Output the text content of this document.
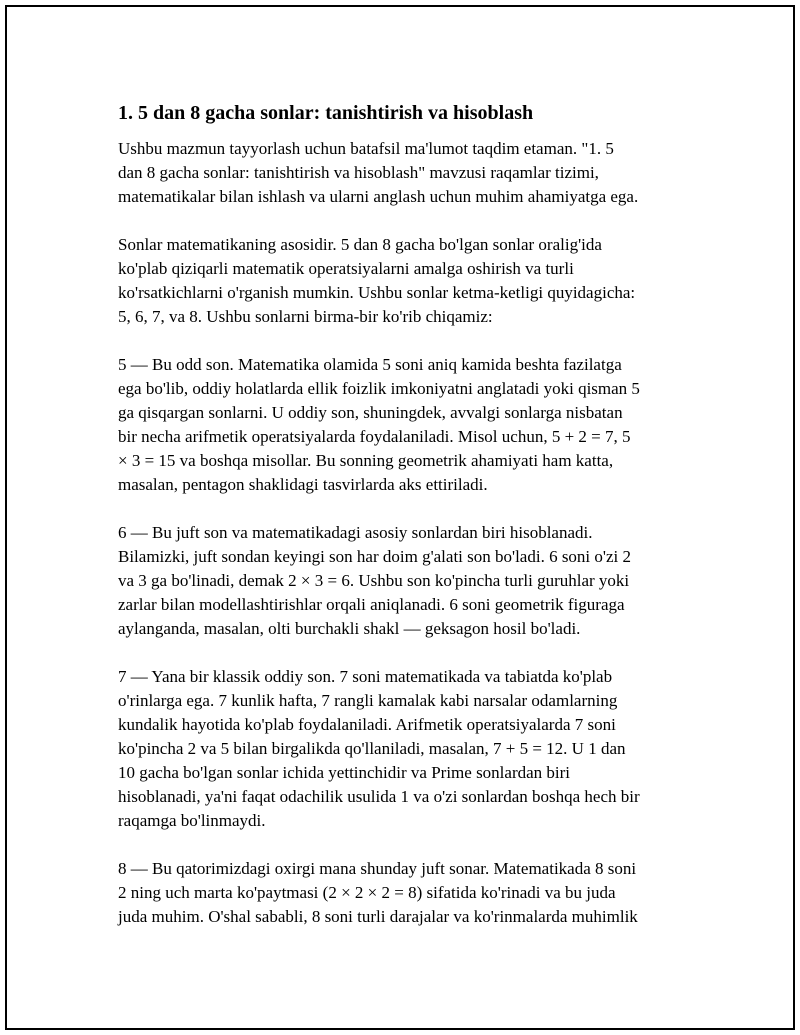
1. 5 dan 8 gacha sonlar: tanishtirish va hisoblash

Ushbu mazmun tayyorlash uchun batafsil ma'lumot taqdim etaman. "1. 5
dan 8 gacha sonlar: tanishtirish va hisoblash" mavzusi raqamlar tizimi,
matematikalar bilan ishlash va ularni anglash uchun muhim ahamiyatga ega.

Sonlar matematikaning asosidir. 5 dan 8 gacha bo'lgan sonlar oralig'ida
ko'plab qiziqarli matematik operatsiyalarni amalga oshirish va turli
ko'rsatkichlarni o'rganish mumkin. Ushbu sonlar ketma-ketligi quyidagicha:
5, 6, 7, va 8. Ushbu sonlarni birma-bir ko'rib chiqamiz:

5 — Bu odd son. Matematika olamida 5 soni aniq kamida beshta fazilatga
ega bo'lib, oddiy holatlarda ellik foizlik imkoniyatni anglatadi yoki qisman 5
ga qisqargan sonlarni. U oddiy son, shuningdek, avvalgi sonlarga nisbatan
bir necha arifmetik operatsiyalarda foydalaniladi. Misol uchun, 5 + 2 = 7, 5
× 3 = 15 va boshqa misollar. Bu sonning geometrik ahamiyati ham katta,
masalan, pentagon shaklidagi tasvirlarda aks ettiriladi.

6 — Bu juft son va matematikadagi asosiy sonlardan biri hisoblanadi.
Bilamizki, juft sondan keyingi son har doim g'alati son bo'ladi. 6 soni o'zi 2
va 3 ga bo'linadi, demak 2 × 3 = 6. Ushbu son ko'pincha turli guruhlar yoki
zarlar bilan modellashtirishlar orqali aniqlanadi. 6 soni geometrik figuraga
aylanganda, masalan, olti burchakli shakl — geksagon hosil bo'ladi.

7 — Yana bir klassik oddiy son. 7 soni matematikada va tabiatda ko'plab
o'rinlarga ega. 7 kunlik hafta, 7 rangli kamalak kabi narsalar odamlarning
kundalik hayotida ko'plab foydalaniladi. Arifmetik operatsiyalarda 7 soni
ko'pincha 2 va 5 bilan birgalikda qo'llaniladi, masalan, 7 + 5 = 12. U 1 dan
10 gacha bo'lgan sonlar ichida yettinchidir va Prime sonlardan biri
hisoblanadi, ya'ni faqat odachilik usulida 1 va o'zi sonlardan boshqa hech bir
raqamga bo'linmaydi.

8 — Bu qatorimizdagi oxirgi mana shunday juft sonar. Matematikada 8 soni
2 ning uch marta ko'paytmasi (2 × 2 × 2 = 8) sifatida ko'rinadi va bu juda
juda muhim. O'shal sababli, 8 soni turli darajalar va ko'rinmalarda muhimlik
